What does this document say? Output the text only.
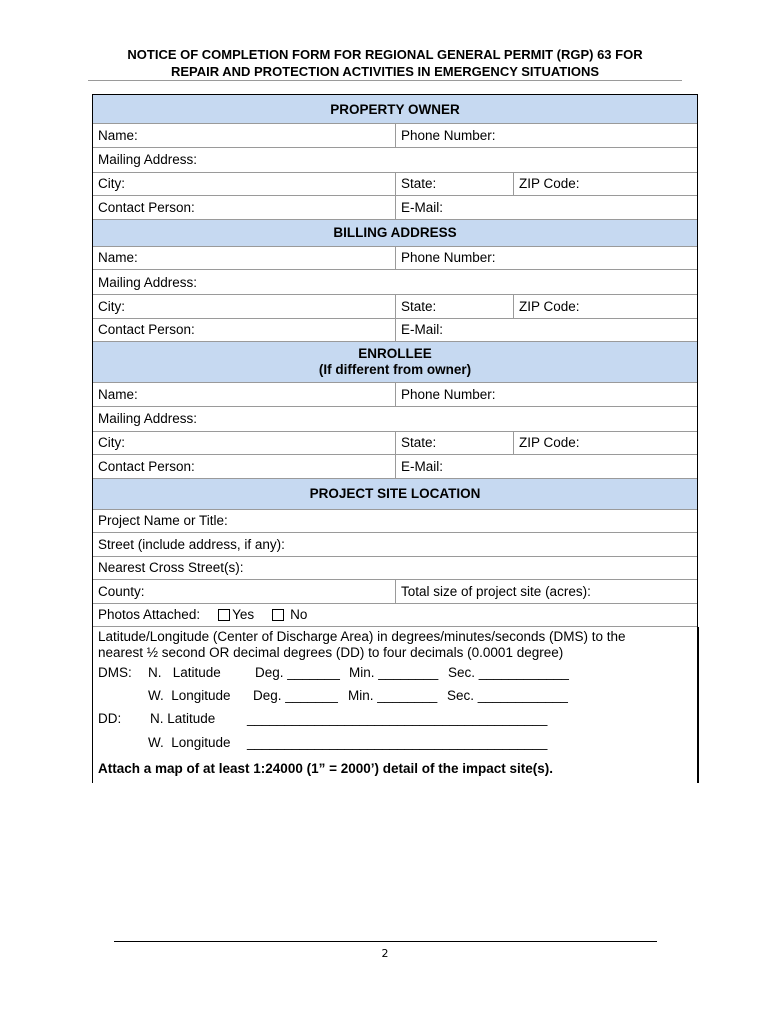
NOTICE OF COMPLETION FORM FOR REGIONAL GENERAL PERMIT (RGP) 63 FOR
REPAIR AND PROTECTION ACTIVITIES IN EMERGENCY SITUATIONS
PROPERTY OWNER
Name:	Phone Number:
Mailing Address:
City:	State:	ZIP Code:
Contact Person:	E-Mail:
BILLING ADDRESS
Name:	Phone Number:
Mailing Address:
City:	State:	ZIP Code:
Contact Person:	E-Mail:
ENROLLEE
(If different from owner)
Name:	Phone Number:
Mailing Address:
City:	State:	ZIP Code:
Contact Person:	E-Mail:
PROJECT SITE LOCATION
Project Name or Title:
Street (include address, if any):
Nearest Cross Street(s):
County:	Total size of project site (acres):
Photos Attached: Yes	No
Latitude/Longitude (Center of Discharge Area) in degrees/minutes/seconds (DMS) to the
nearest ½ second OR decimal degrees (DD) to four decimals (0.0001 degree)
DMS: N.   Latitude	Deg. _______ Min. ________ Sec. ____________
W.  Longitude Deg. _______ Min. ________ Sec. ____________
DD: N. Latitude ________________________________________
W.  Longitude ________________________________________
Attach a map of at least 1:24000 (1” = 2000’) detail of the impact site(s).
2
